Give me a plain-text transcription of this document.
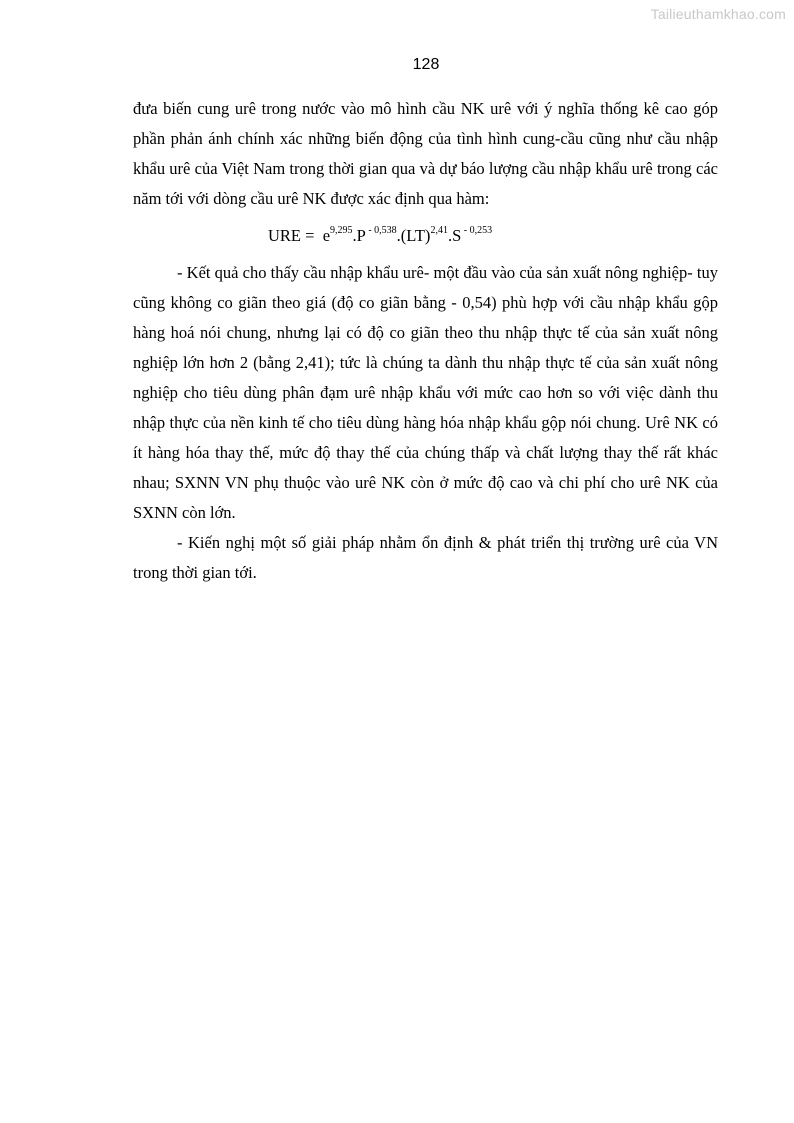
Tailieuthamkhao.com
128

đưa biến cung urê trong nước vào mô hình cầu NK urê với ý nghĩa thống kê cao góp phần phản ánh chính xác những biến động của tình hình cung-cầu cũng như cầu nhập khẩu urê của Việt Nam trong thời gian qua và dự báo lượng cầu nhập khẩu urê trong các năm tới với dòng cầu urê NK được xác định qua hàm:

URE =  $e^{9,295}.P$ $^{- 0,538}$.(LT)$^{2,41}$.S $^{- 0,253}$

- Kết quả cho thấy cầu nhập khẩu urê- một đầu vào của sản xuất nông nghiệp- tuy cũng không co giãn theo giá (độ co giãn bằng - 0,54) phù hợp với cầu nhập khẩu gộp hàng hoá nói chung, nhưng lại có độ co giãn theo thu nhập thực tế của sản xuất nông nghiệp lớn hơn 2 (bằng 2,41); tức là chúng ta dành thu nhập thực tế của sản xuất nông nghiệp cho tiêu dùng phân đạm urê nhập khẩu với mức cao hơn so với việc dành thu nhập thực của nền kinh tế cho tiêu dùng hàng hóa nhập khẩu gộp nói chung. Urê NK có ít hàng hóa thay thế, mức độ thay thế của chúng thấp và chất lượng thay thế rất khác nhau; SXNN VN phụ thuộc vào urê NK còn ở mức độ cao và chi phí cho urê NK của SXNN còn lớn.

- Kiến nghị một số giải pháp nhằm ổn định & phát triển thị trường urê của VN trong thời gian tới.
